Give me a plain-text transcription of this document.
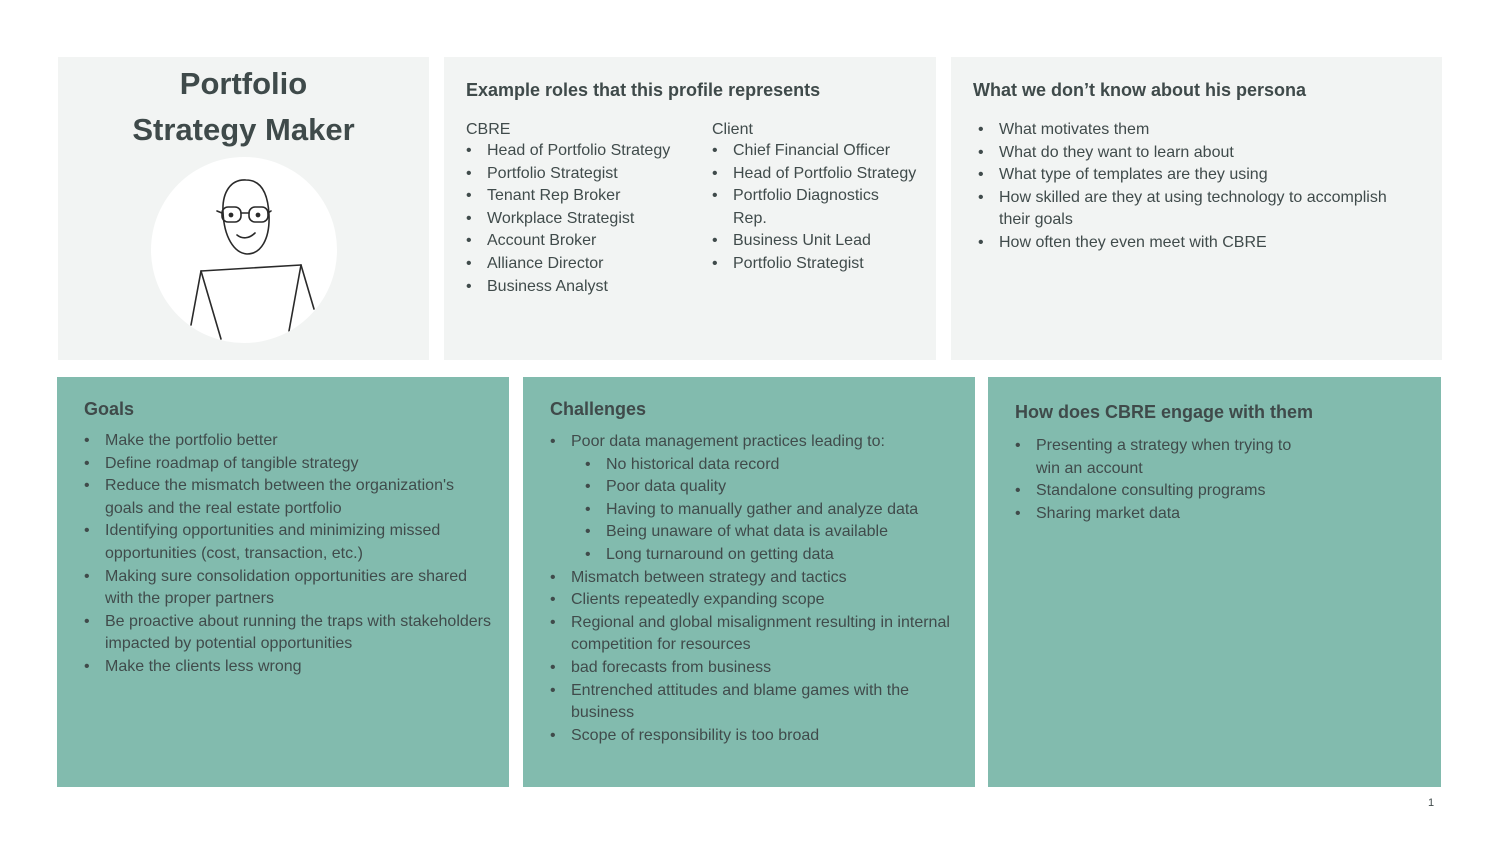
Portfolio
Strategy Maker
Example roles that this profile represents
CBRE
• Head of Portfolio Strategy
• Portfolio Strategist
• Tenant Rep Broker
• Workplace Strategist
• Account Broker
• Alliance Director
• Business Analyst
Client
• Chief Financial Officer
• Head of Portfolio Strategy
• Portfolio Diagnostics Rep.
• Business Unit Lead
• Portfolio Strategist
What we don’t know about his persona
• What motivates them
• What do they want to learn about
• What type of templates are they using
• How skilled are they at using technology to accomplish their goals
• How often they even meet with CBRE
Goals
• Make the portfolio better
• Define roadmap of tangible strategy
• Reduce the mismatch between the organization's goals and the real estate portfolio
• Identifying opportunities and minimizing missed opportunities (cost, transaction, etc.)
• Making sure consolidation opportunities are shared with the proper partners
• Be proactive about running the traps with stakeholders impacted by potential opportunities
• Make the clients less wrong
Challenges
• Poor data management practices leading to:
• No historical data record
• Poor data quality
• Having to manually gather and analyze data
• Being unaware of what data is available
• Long turnaround on getting data
• Mismatch between strategy and tactics
• Clients repeatedly expanding scope
• Regional and global misalignment resulting in internal competition for resources
• bad forecasts from business
• Entrenched attitudes and blame games with the business
• Scope of responsibility is too broad
How does CBRE engage with them
• Presenting a strategy when trying to win an account
• Standalone consulting programs
• Sharing market data
1
